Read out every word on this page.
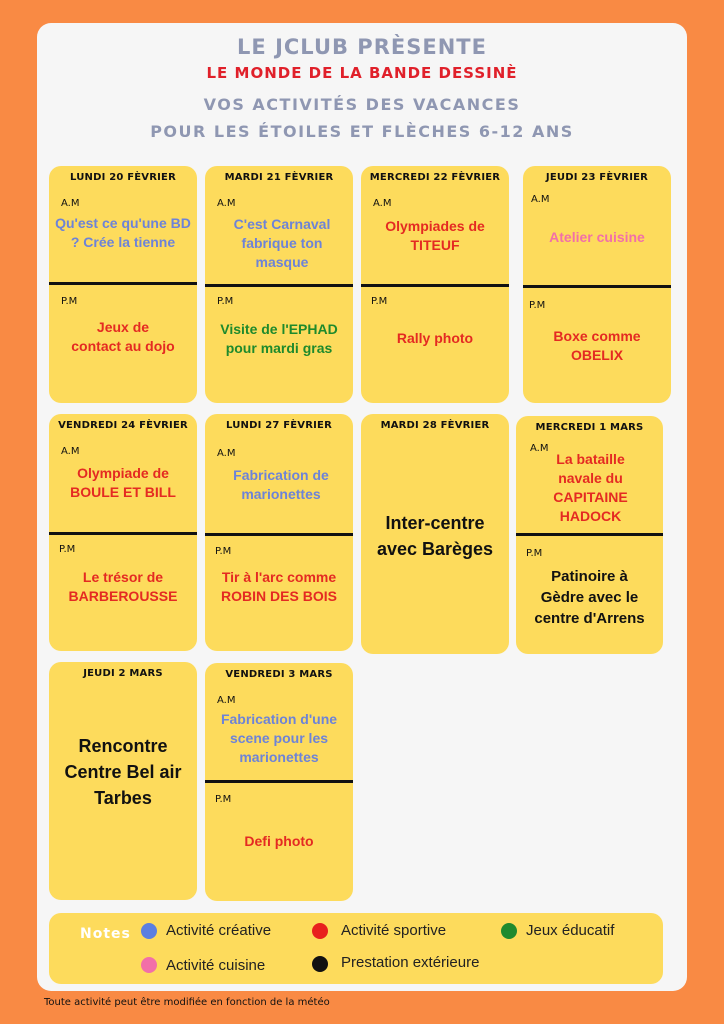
LE JCLUB PRÈSENTE
LE MONDE DE LA BANDE DESSINÈ
VOS ACTIVITÉS DES VACANCES
POUR LES ÉTOILES ET FLÈCHES 6-12 ANS
LUNDI 20 FÈVRIER
A.M
Qu'est ce qu'une BD ? Crée la tienne
P.M
Jeux de contact au dojo
MARDI 21 FÈVRIER
A.M
C'est Carnaval fabrique ton masque
P.M
Visite de l'EPHAD pour mardi gras
MERCREDI 22 FÈVRIER
A.M
Olympiades de TITEUF
P.M
Rally photo
JEUDI 23 FÈVRIER
A.M
Atelier cuisine
P.M
Boxe comme OBELIX
VENDREDI 24 FÈVRIER
A.M
Olympiade de BOULE ET BILL
P.M
Le trésor de BARBEROUSSE
LUNDI 27 FÈVRIER
A.M
Fabrication de marionettes
P.M
Tir à l'arc comme ROBIN DES BOIS
MARDI 28 FÈVRIER
Inter-centre avec Barèges
MERCREDI 1 MARS
A.M
La bataille navale du CAPITAINE HADOCK
P.M
Patinoire à Gèdre avec le centre d'Arrens
JEUDI 2 MARS
Rencontre Centre Bel air Tarbes
VENDREDI 3 MARS
A.M
Fabrication d'une scene pour les marionettes
P.M
Defi photo
Notes Activité créative	Activité sportive	Jeux éducatif
Activité cuisine	Prestation extérieure
Toute activité peut être modifiée en fonction de la météo
